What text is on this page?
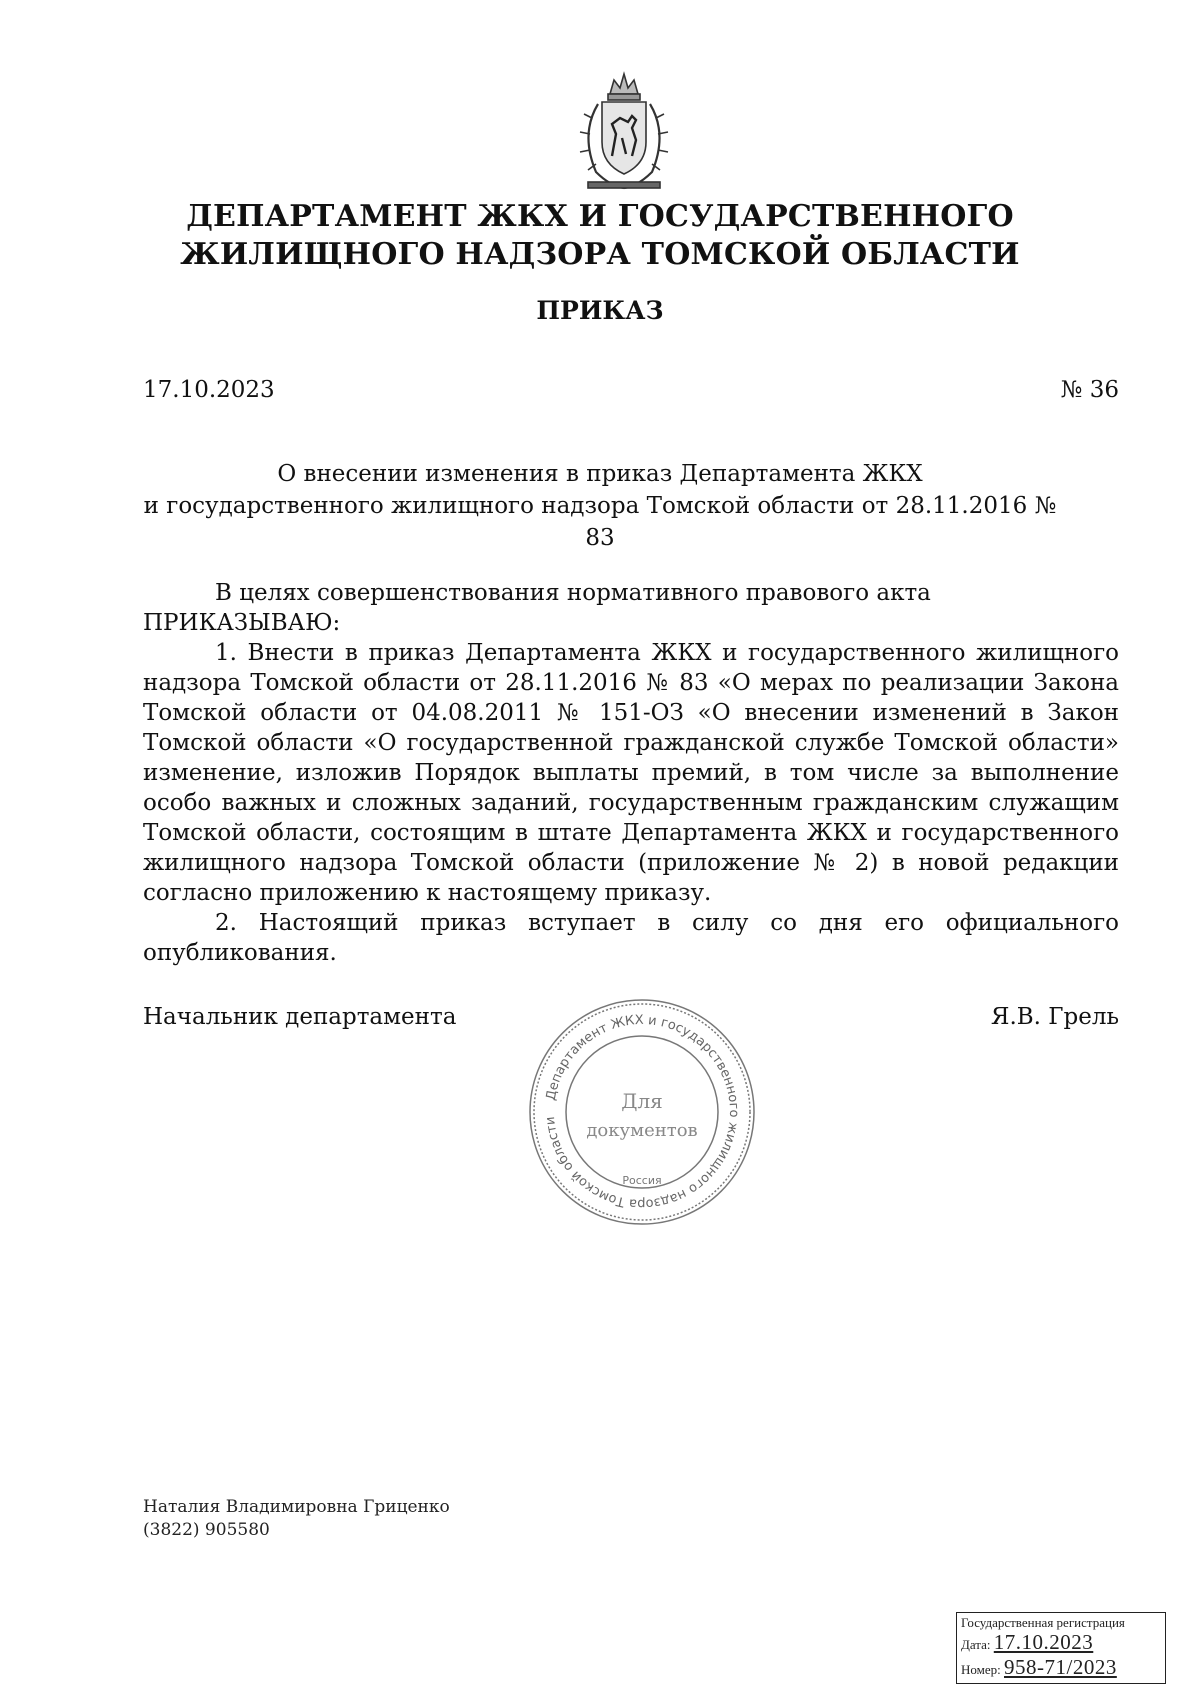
ДЕПАРТАМЕНТ ЖКХ И ГОСУДАРСТВЕННОГО ЖИЛИЩНОГО НАДЗОРА ТОМСКОЙ ОБЛАСТИ
ПРИКАЗ
17.10.2023	№ 36
О внесении изменения в приказ Департамента ЖКХ
и государственного жилищного надзора Томской области от 28.11.2016 № 83

В целях совершенствования нормативного правового акта

ПРИКАЗЫВАЮ:

1. Внести в приказ Департамента ЖКХ и государственного жилищного надзора Томской области от 28.11.2016 № 83 «О мерах по реализации Закона Томской области от 04.08.2011 № 151-ОЗ «О внесении изменений в Закон Томской области «О государственной гражданской службе Томской области» изменение, изложив Порядок выплаты премий, в том числе за выполнение особо важных и сложных заданий, государственным гражданским служащим Томской области, состоящим в штате Департамента ЖКХ и государственного жилищного надзора Томской области (приложение № 2) в новой редакции согласно приложению к настоящему приказу.

2. Настоящий приказ вступает в силу со дня его официального опубликования.

Начальник департамента	Я.В. Грель
Департамент ЖКХ и государственного жилищного надзора Томской области
Для
документов
Россия
Наталия Владимировна Гриценко
(3822) 905580
Государственная регистрация
Дата: 17.10.2023
Номер: 958-71/2023
